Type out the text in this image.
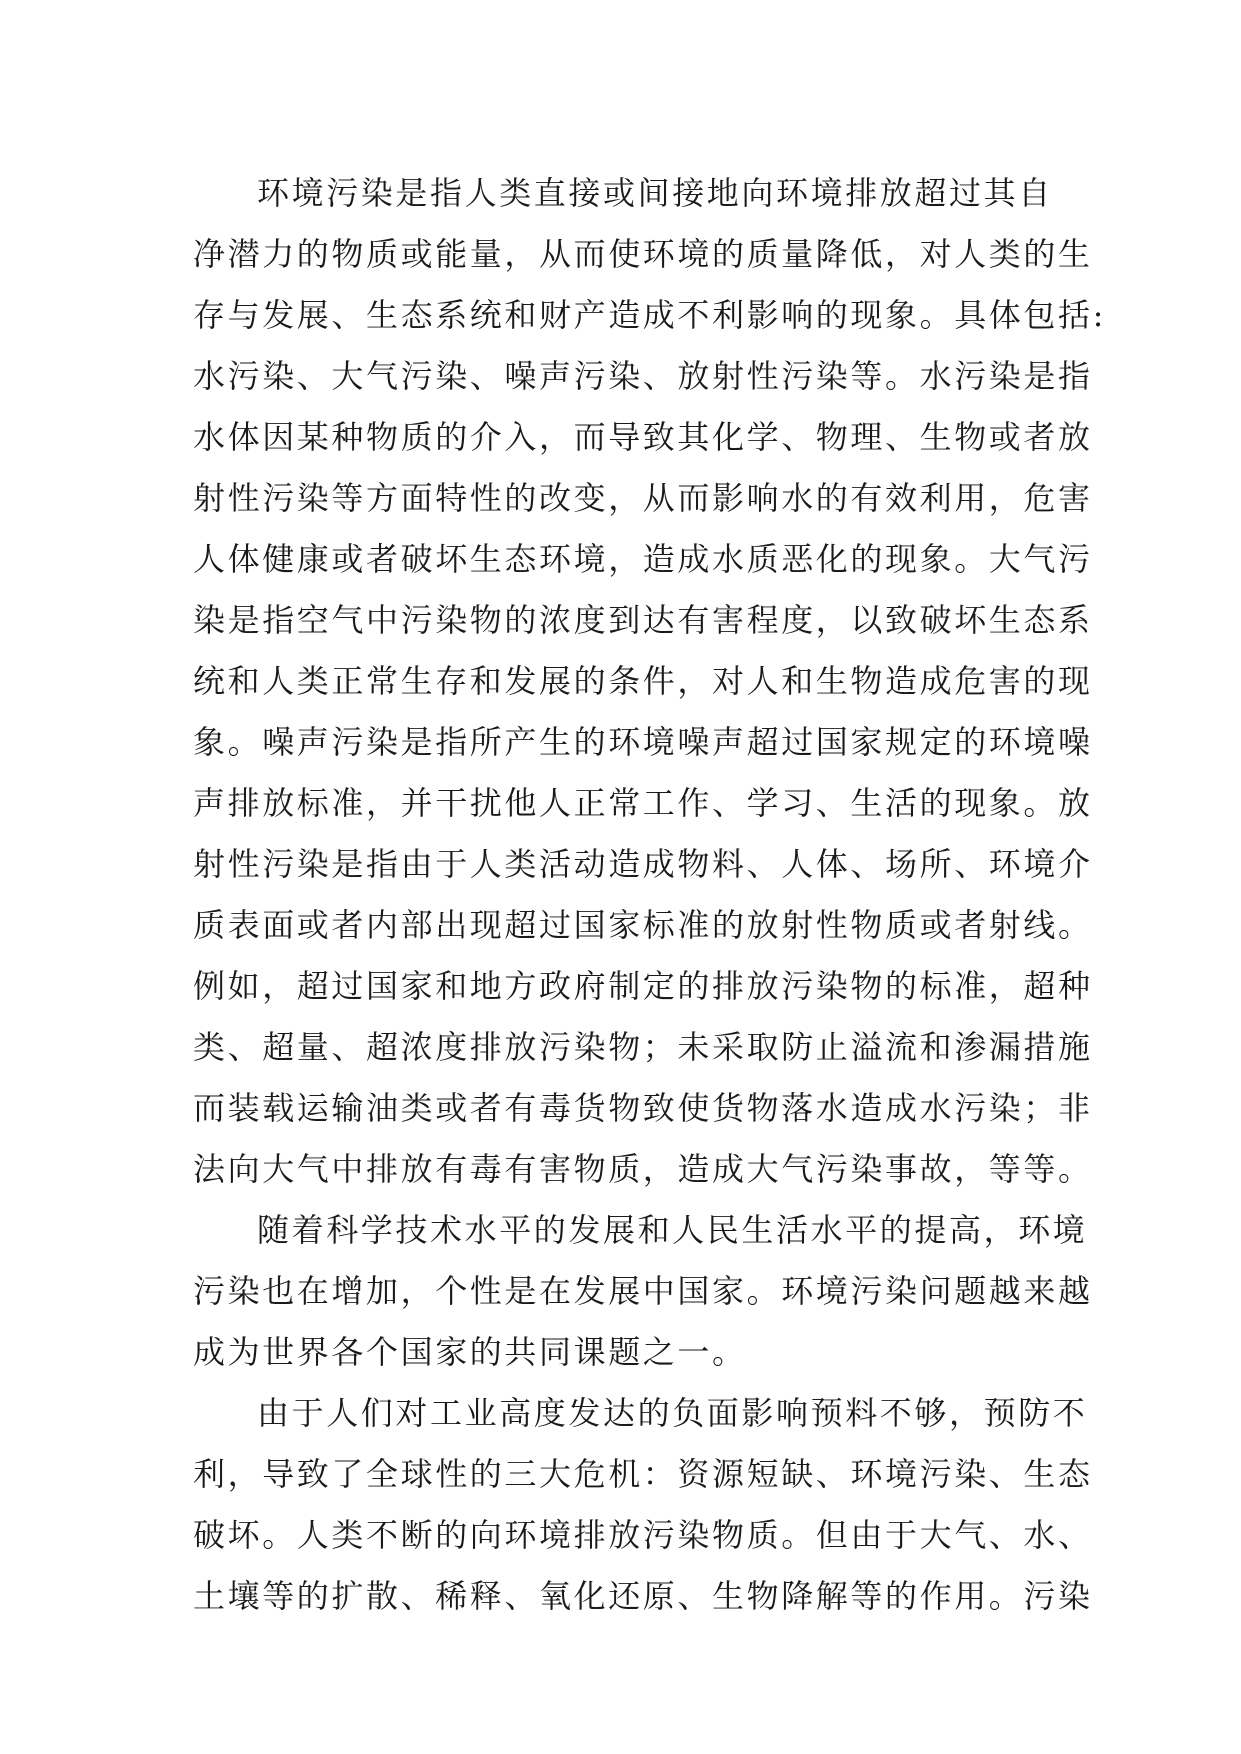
环境污染是指人类直接或间接地向环境排放超过其自
净潜力的物质或能量，从而使环境的质量降低，对人类的生
存与发展、生态系统和财产造成不利影响的现象。具体包括:
水污染、大气污染、噪声污染、放射性污染等。水污染是指
水体因某种物质的介入，而导致其化学、物理、生物或者放
射性污染等方面特性的改变，从而影响水的有效利用，危害
人体健康或者破坏生态环境，造成水质恶化的现象。大气污
染是指空气中污染物的浓度到达有害程度，以致破坏生态系
统和人类正常生存和发展的条件，对人和生物造成危害的现
象。噪声污染是指所产生的环境噪声超过国家规定的环境噪
声排放标准，并干扰他人正常工作、学习、生活的现象。放
射性污染是指由于人类活动造成物料、人体、场所、环境介
质表面或者内部出现超过国家标准的放射性物质或者射线。
例如，超过国家和地方政府制定的排放污染物的标准，超种
类、超量、超浓度排放污染物；未采取防止溢流和渗漏措施
而装载运输油类或者有毒货物致使货物落水造成水污染；非
法向大气中排放有毒有害物质，造成大气污染事故，等等。
随着科学技术水平的发展和人民生活水平的提高，环境
污染也在增加，个性是在发展中国家。环境污染问题越来越
成为世界各个国家的共同课题之一。
由于人们对工业高度发达的负面影响预料不够，预防不
利，导致了全球性的三大危机：资源短缺、环境污染、生态
破坏。人类不断的向环境排放污染物质。但由于大气、水、
土壤等的扩散、稀释、氧化还原、生物降解等的作用。污染
